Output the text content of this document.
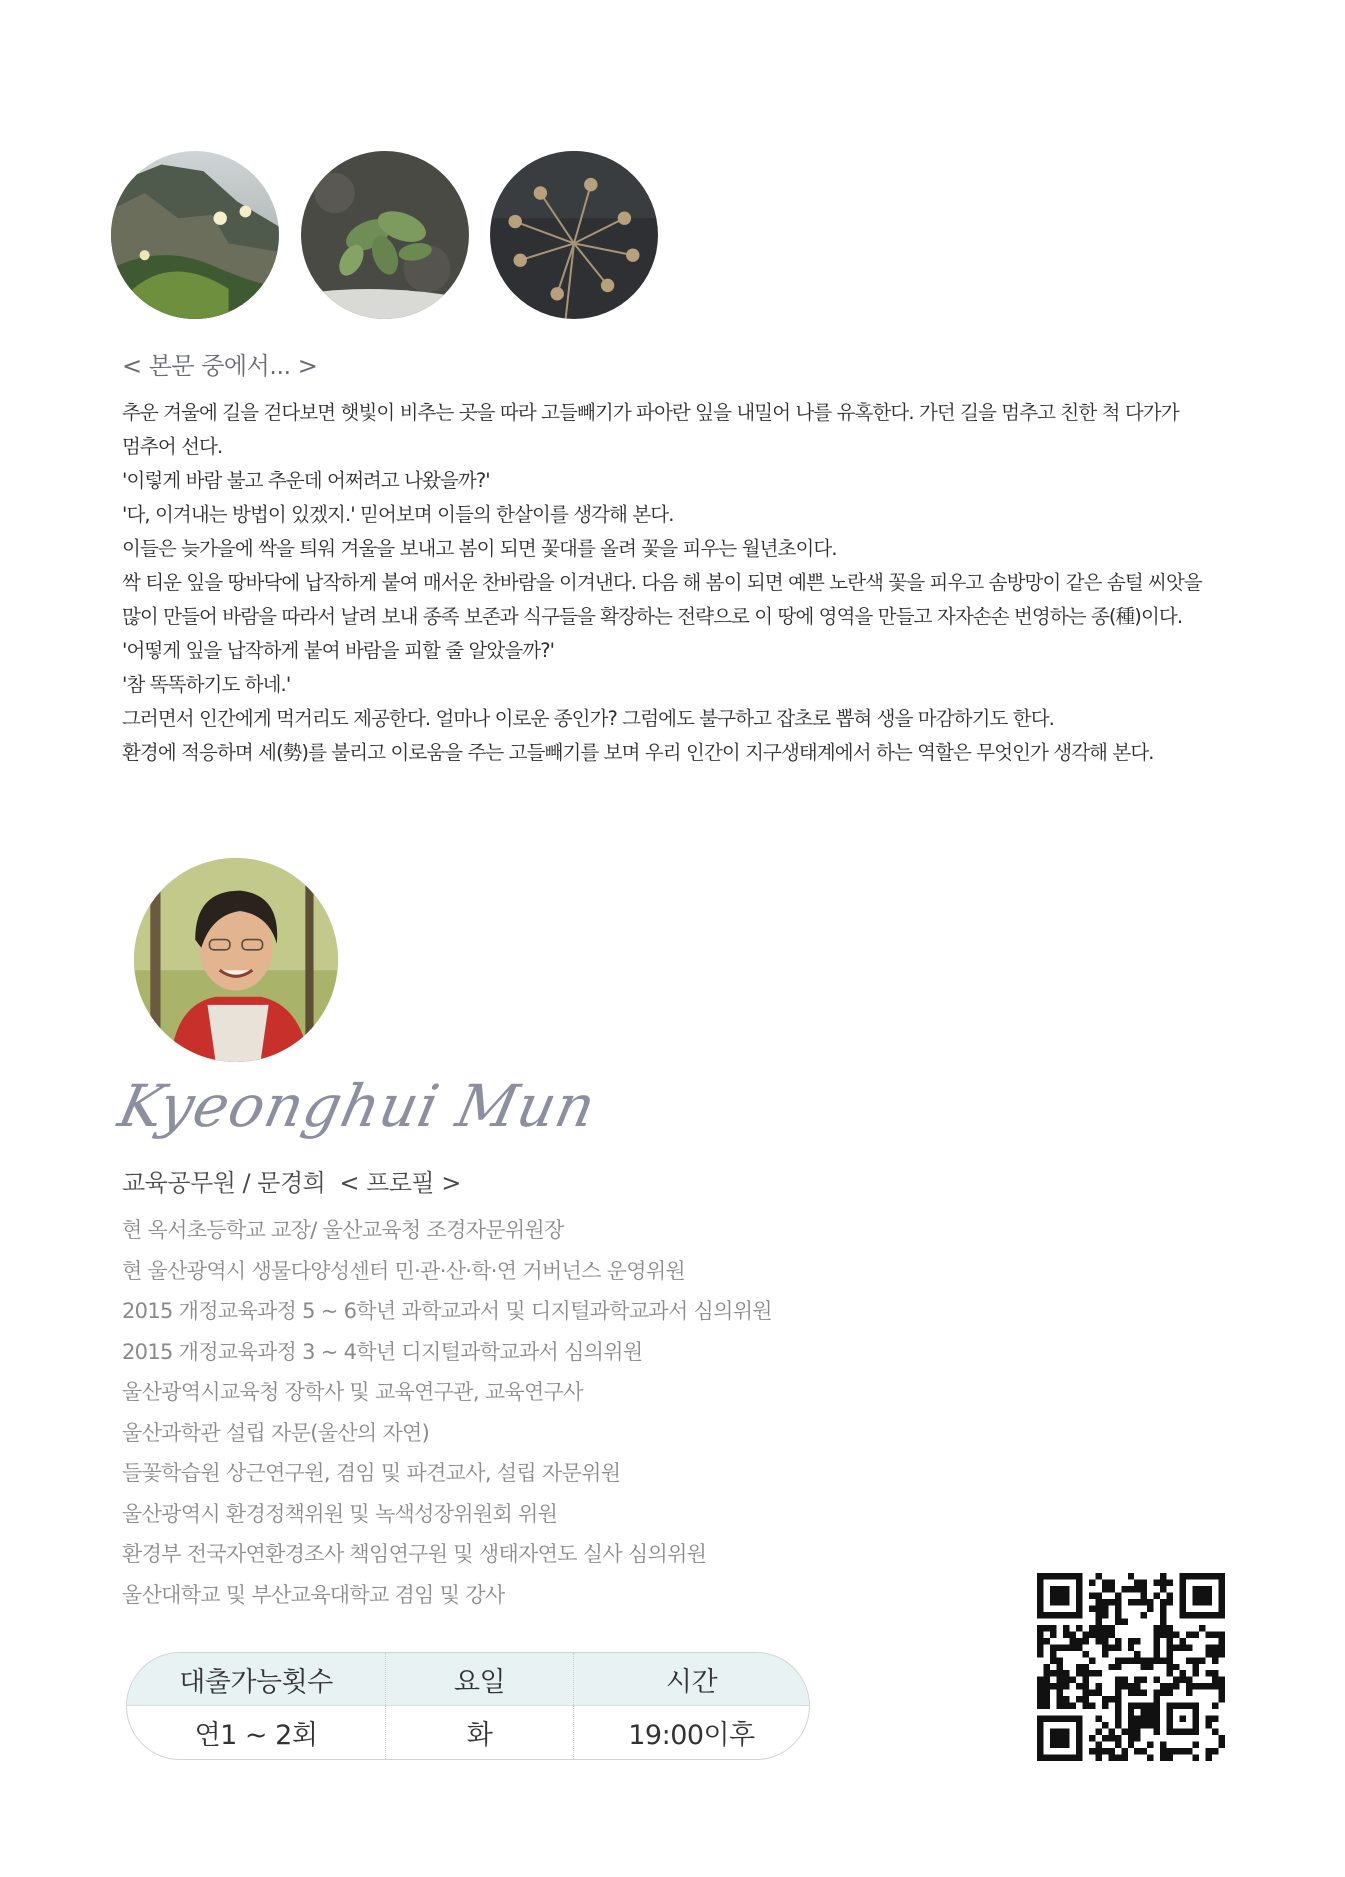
< 본문 중에서... >
추운 겨울에 길을 걷다보면 햇빛이 비추는 곳을 따라 고들빼기가 파아란 잎을 내밀어 나를 유혹한다. 가던 길을 멈추고 친한 척 다가가
멈추어 선다.
'이렇게 바람 불고 추운데 어쩌려고 나왔을까?'
'다, 이겨내는 방법이 있겠지.' 믿어보며 이들의 한살이를 생각해 본다.
이들은 늦가을에 싹을 틔워 겨울을 보내고 봄이 되면 꽃대를 올려 꽃을 피우는 월년초이다.
싹 티운 잎을 땅바닥에 납작하게 붙여 매서운 찬바람을 이겨낸다. 다음 해 봄이 되면 예쁜 노란색 꽃을 피우고 솜방망이 같은 솜털 씨앗을
많이 만들어 바람을 따라서 날려 보내 종족 보존과 식구들을 확장하는 전략으로 이 땅에 영역을 만들고 자자손손 번영하는 종(種)이다.
'어떻게 잎을 납작하게 붙여 바람을 피할 줄 알았을까?'
'참 똑똑하기도 하네.'
그러면서 인간에게 먹거리도 제공한다. 얼마나 이로운 종인가? 그럼에도 불구하고 잡초로 뽑혀 생을 마감하기도 한다.
환경에 적응하며 세(勢)를 불리고 이로움을 주는 고들빼기를 보며 우리 인간이 지구생태계에서 하는 역할은 무엇인가 생각해 본다.
Kyeonghui Mun
교육공무원 / 문경희 < 프로필 >
현 옥서초등학교 교장/ 울산교육청 조경자문위원장
현 울산광역시 생물다양성센터 민·관·산·학·연 거버넌스 운영위원
2015 개정교육과정 5 ~ 6학년 과학교과서 및 디지털과학교과서 심의위원
2015 개정교육과정 3 ~ 4학년 디지털과학교과서 심의위원
울산광역시교육청 장학사 및 교육연구관, 교육연구사
울산과학관 설립 자문(울산의 자연)
들꽃학습원 상근연구원, 겸임 및 파견교사, 설립 자문위원
울산광역시 환경정책위원 및 녹색성장위원회 위원
환경부 전국자연환경조사 책임연구원 및 생태자연도 실사 심의위원
울산대학교 및 부산교육대학교 겸임 및 강사
대출가능횟수	요일	시간
연1 ~ 2회	화	19:00이후
